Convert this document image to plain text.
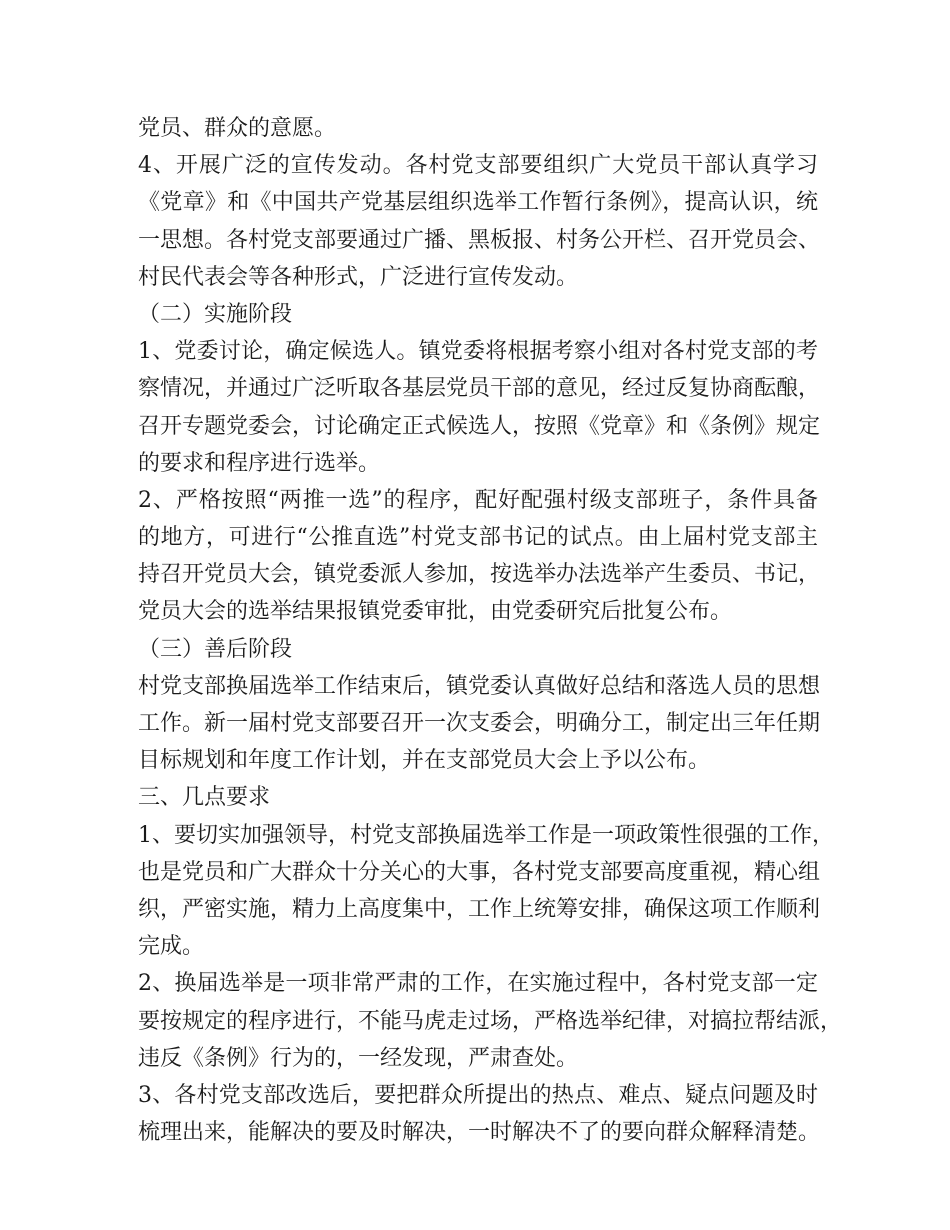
党员、群众的意愿。
4、开展广泛的宣传发动。各村党支部要组织广大党员干部认真学习
《党章》和《中国共产党基层组织选举工作暂行条例》，提高认识，统
一思想。各村党支部要通过广播、黑板报、村务公开栏、召开党员会、
村民代表会等各种形式，广泛进行宣传发动。
（二）实施阶段
1、党委讨论，确定候选人。镇党委将根据考察小组对各村党支部的考
察情况，并通过广泛听取各基层党员干部的意见，经过反复协商酝酿，
召开专题党委会，讨论确定正式候选人，按照《党章》和《条例》规定
的要求和程序进行选举。
2、严格按照“两推一选”的程序，配好配强村级支部班子，条件具备
的地方，可进行“公推直选”村党支部书记的试点。由上届村党支部主
持召开党员大会，镇党委派人参加，按选举办法选举产生委员、书记，
党员大会的选举结果报镇党委审批，由党委研究后批复公布。
（三）善后阶段
村党支部换届选举工作结束后，镇党委认真做好总结和落选人员的思想
工作。新一届村党支部要召开一次支委会，明确分工，制定出三年任期
目标规划和年度工作计划，并在支部党员大会上予以公布。
三、几点要求
1、要切实加强领导，村党支部换届选举工作是一项政策性很强的工作，
也是党员和广大群众十分关心的大事，各村党支部要高度重视，精心组
织，严密实施，精力上高度集中，工作上统筹安排，确保这项工作顺利
完成。
2、换届选举是一项非常严肃的工作，在实施过程中，各村党支部一定
要按规定的程序进行，不能马虎走过场，严格选举纪律，对搞拉帮结派，
违反《条例》行为的，一经发现，严肃查处。
3、各村党支部改选后，要把群众所提出的热点、难点、疑点问题及时
梳理出来，能解决的要及时解决，一时解决不了的要向群众解释清楚。
